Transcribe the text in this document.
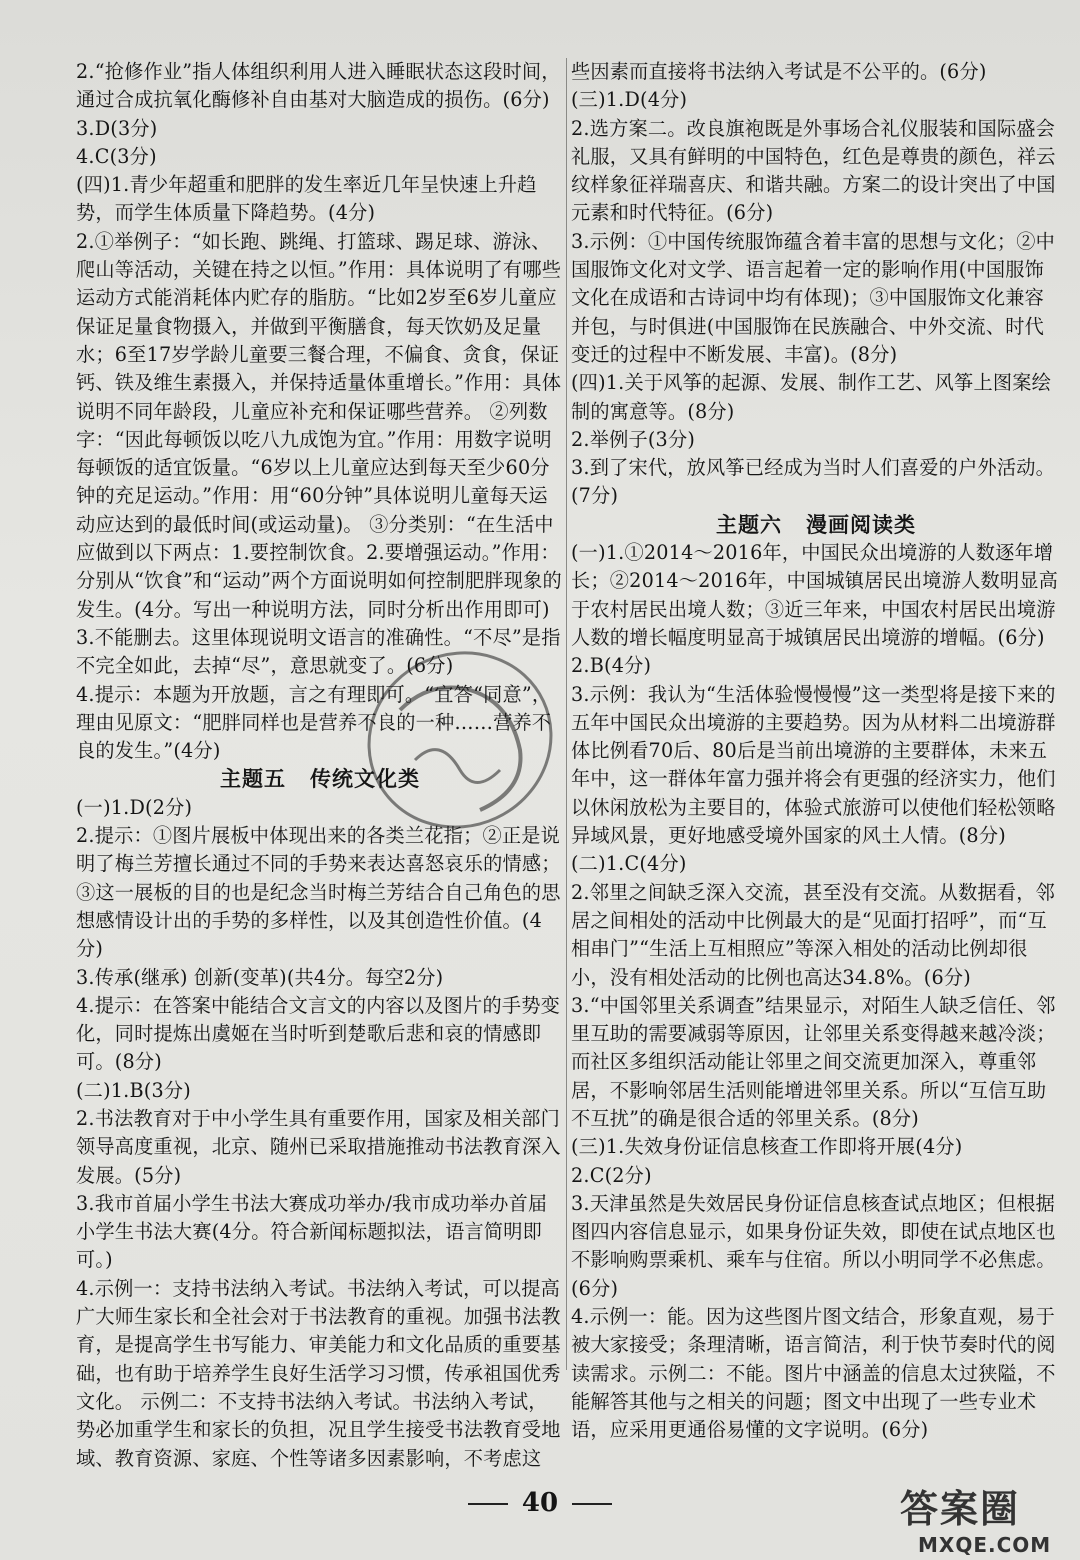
2.“抢修作业”指人体组织利用人进入睡眠状态这段时间，通过合成抗氧化酶修补自由基对大脑造成的损伤。(6分)

3.D(3分)

4.C(3分)

(四)1.青少年超重和肥胖的发生率近几年呈快速上升趋势，而学生体质量下降趋势。(4分)

2.①举例子：“如长跑、跳绳、打篮球、踢足球、游泳、爬山等活动，关键在持之以恒。”作用：具体说明了有哪些运动方式能消耗体内贮存的脂肪。“比如2岁至6岁儿童应保证足量食物摄入，并做到平衡膳食，每天饮奶及足量水；6至17岁学龄儿童要三餐合理，不偏食、贪食，保证钙、铁及维生素摄入，并保持适量体重增长。”作用：具体说明不同年龄段，儿童应补充和保证哪些营养。 ②列数字：“因此每顿饭以吃八九成饱为宜。”作用：用数字说明每顿饭的适宜饭量。“6岁以上儿童应达到每天至少60分钟的充足运动。”作用：用“60分钟”具体说明儿童每天运动应达到的最低时间(或运动量)。 ③分类别：“在生活中应做到以下两点：1.要控制饮食。2.要增强运动。”作用：分别从“饮食”和“运动”两个方面说明如何控制肥胖现象的发生。(4分。写出一种说明方法，同时分析出作用即可)

3.不能删去。这里体现说明文语言的准确性。“不尽”是指不完全如此，去掉“尽”，意思就变了。(6分)

4.提示：本题为开放题，言之有理即可。“宜答“同意”，理由见原文：“肥胖同样也是营养不良的一种……营养不良的发生。”(4分)

主题五 传统文化类

(一)1.D(2分)

2.提示：①图片展板中体现出来的各类兰花指；②正是说明了梅兰芳擅长通过不同的手势来表达喜怒哀乐的情感；③这一展板的目的也是纪念当时梅兰芳结合自己角色的思想感情设计出的手势的多样性，以及其创造性价值。(4分)

3.传承(继承) 创新(变革)(共4分。每空2分)

4.提示：在答案中能结合文言文的内容以及图片的手势变化，同时提炼出虞姬在当时听到楚歌后悲和哀的情感即可。(8分)

(二)1.B(3分)

2.书法教育对于中小学生具有重要作用，国家及相关部门领导高度重视，北京、随州已采取措施推动书法教育深入发展。(5分)

3.我市首届小学生书法大赛成功举办/我市成功举办首届小学生书法大赛(4分。符合新闻标题拟法，语言简明即可。)

4.示例一：支持书法纳入考试。书法纳入考试，可以提高广大师生家长和全社会对于书法教育的重视。加强书法教育，是提高学生书写能力、审美能力和文化品质的重要基础，也有助于培养学生良好生活学习习惯，传承祖国优秀文化。 示例二：不支持书法纳入考试。书法纳入考试，势必加重学生和家长的负担，况且学生接受书法教育受地域、教育资源、家庭、个性等诸多因素影响，不考虑这

些因素而直接将书法纳入考试是不公平的。(6分)

(三)1.D(4分)

2.选方案二。改良旗袍既是外事场合礼仪服装和国际盛会礼服，又具有鲜明的中国特色，红色是尊贵的颜色，祥云纹样象征祥瑞喜庆、和谐共融。方案二的设计突出了中国元素和时代特征。(6分)

3.示例：①中国传统服饰蕴含着丰富的思想与文化；②中国服饰文化对文学、语言起着一定的影响作用(中国服饰文化在成语和古诗词中均有体现)；③中国服饰文化兼容并包，与时俱进(中国服饰在民族融合、中外交流、时代变迁的过程中不断发展、丰富)。(8分)

(四)1.关于风筝的起源、发展、制作工艺、风筝上图案绘制的寓意等。(8分)

2.举例子(3分)

3.到了宋代，放风筝已经成为当时人们喜爱的户外活动。(7分)

主题六 漫画阅读类

(一)1.①2014～2016年，中国民众出境游的人数逐年增长；②2014～2016年，中国城镇居民出境游人数明显高于农村居民出境人数；③近三年来，中国农村居民出境游人数的增长幅度明显高于城镇居民出境游的增幅。(6分)

2.B(4分)

3.示例：我认为“生活体验慢慢慢”这一类型将是接下来的五年中国民众出境游的主要趋势。因为从材料二出境游群体比例看70后、80后是当前出境游的主要群体，未来五年中，这一群体年富力强并将会有更强的经济实力，他们以休闲放松为主要目的，体验式旅游可以使他们轻松领略异域风景，更好地感受境外国家的风土人情。(8分)

(二)1.C(4分)

2.邻里之间缺乏深入交流，甚至没有交流。从数据看，邻居之间相处的活动中比例最大的是“见面打招呼”，而“互相串门”“生活上互相照应”等深入相处的活动比例却很小，没有相处活动的比例也高达34.8%。(6分)

3.“中国邻里关系调查”结果显示，对陌生人缺乏信任、邻里互助的需要减弱等原因，让邻里关系变得越来越冷淡；而社区多组织活动能让邻里之间交流更加深入，尊重邻居，不影响邻居生活则能增进邻里关系。所以“互信互助不互扰”的确是很合适的邻里关系。(8分)

(三)1.失效身份证信息核查工作即将开展(4分)

2.C(2分)

3.天津虽然是失效居民身份证信息核查试点地区；但根据图四内容信息显示，如果身份证失效，即使在试点地区也不影响购票乘机、乘车与住宿。所以小明同学不必焦虑。(6分)

4.示例一：能。因为这些图片图文结合，形象直观，易于被大家接受；条理清晰，语言简洁，利于快节奏时代的阅读需求。示例二：不能。图片中涵盖的信息太过狭隘，不能解答其他与之相关的问题；图文中出现了一些专业术语，应采用更通俗易懂的文字说明。(6分)

40	答案圈
MXQE.COM
